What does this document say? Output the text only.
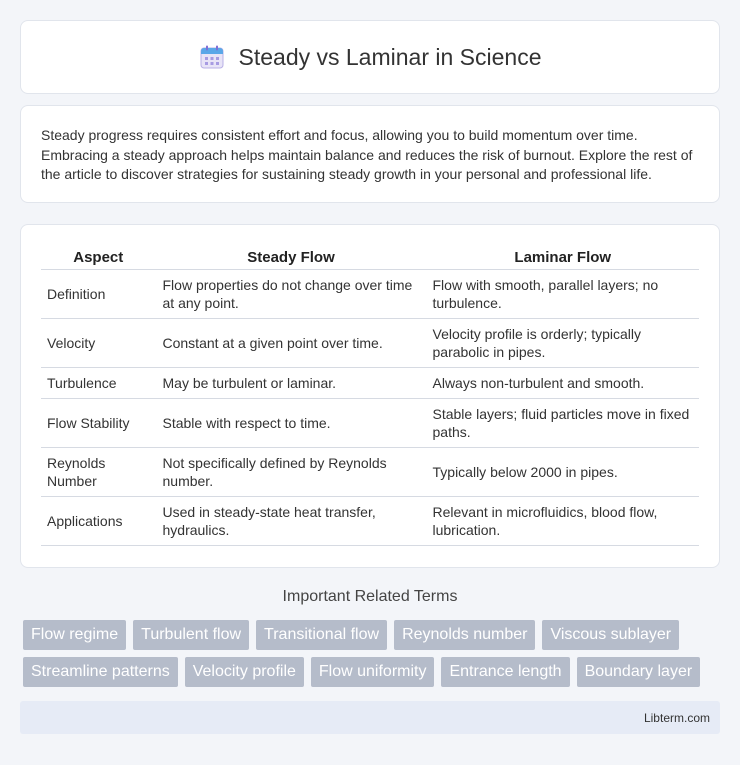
Steady vs Laminar in Science

Steady progress requires consistent effort and focus, allowing you to build momentum over time. Embracing a steady approach helps maintain balance and reduces the risk of burnout. Explore the rest of the article to discover strategies for sustaining steady growth in your personal and professional life.

Aspect	Steady Flow	Laminar Flow
Definition	Flow properties do not change over time at any point.	Flow with smooth, parallel layers; no turbulence.
Velocity	Constant at a given point over time.	Velocity profile is orderly; typically parabolic in pipes.
Turbulence	May be turbulent or laminar.	Always non-turbulent and smooth.
Flow Stability	Stable with respect to time.	Stable layers; fluid particles move in fixed paths.
Reynolds Number	Not specifically defined by Reynolds number.	Typically below 2000 in pipes.
Applications	Used in steady-state heat transfer, hydraulics.	Relevant in microfluidics, blood flow, lubrication.
Important Related Terms
Flow regime	Turbulent flow	Transitional flow	Reynolds number	Viscous sublayer
Streamline patterns	Velocity profile	Flow uniformity	Entrance length	Boundary layer
Libterm.com
